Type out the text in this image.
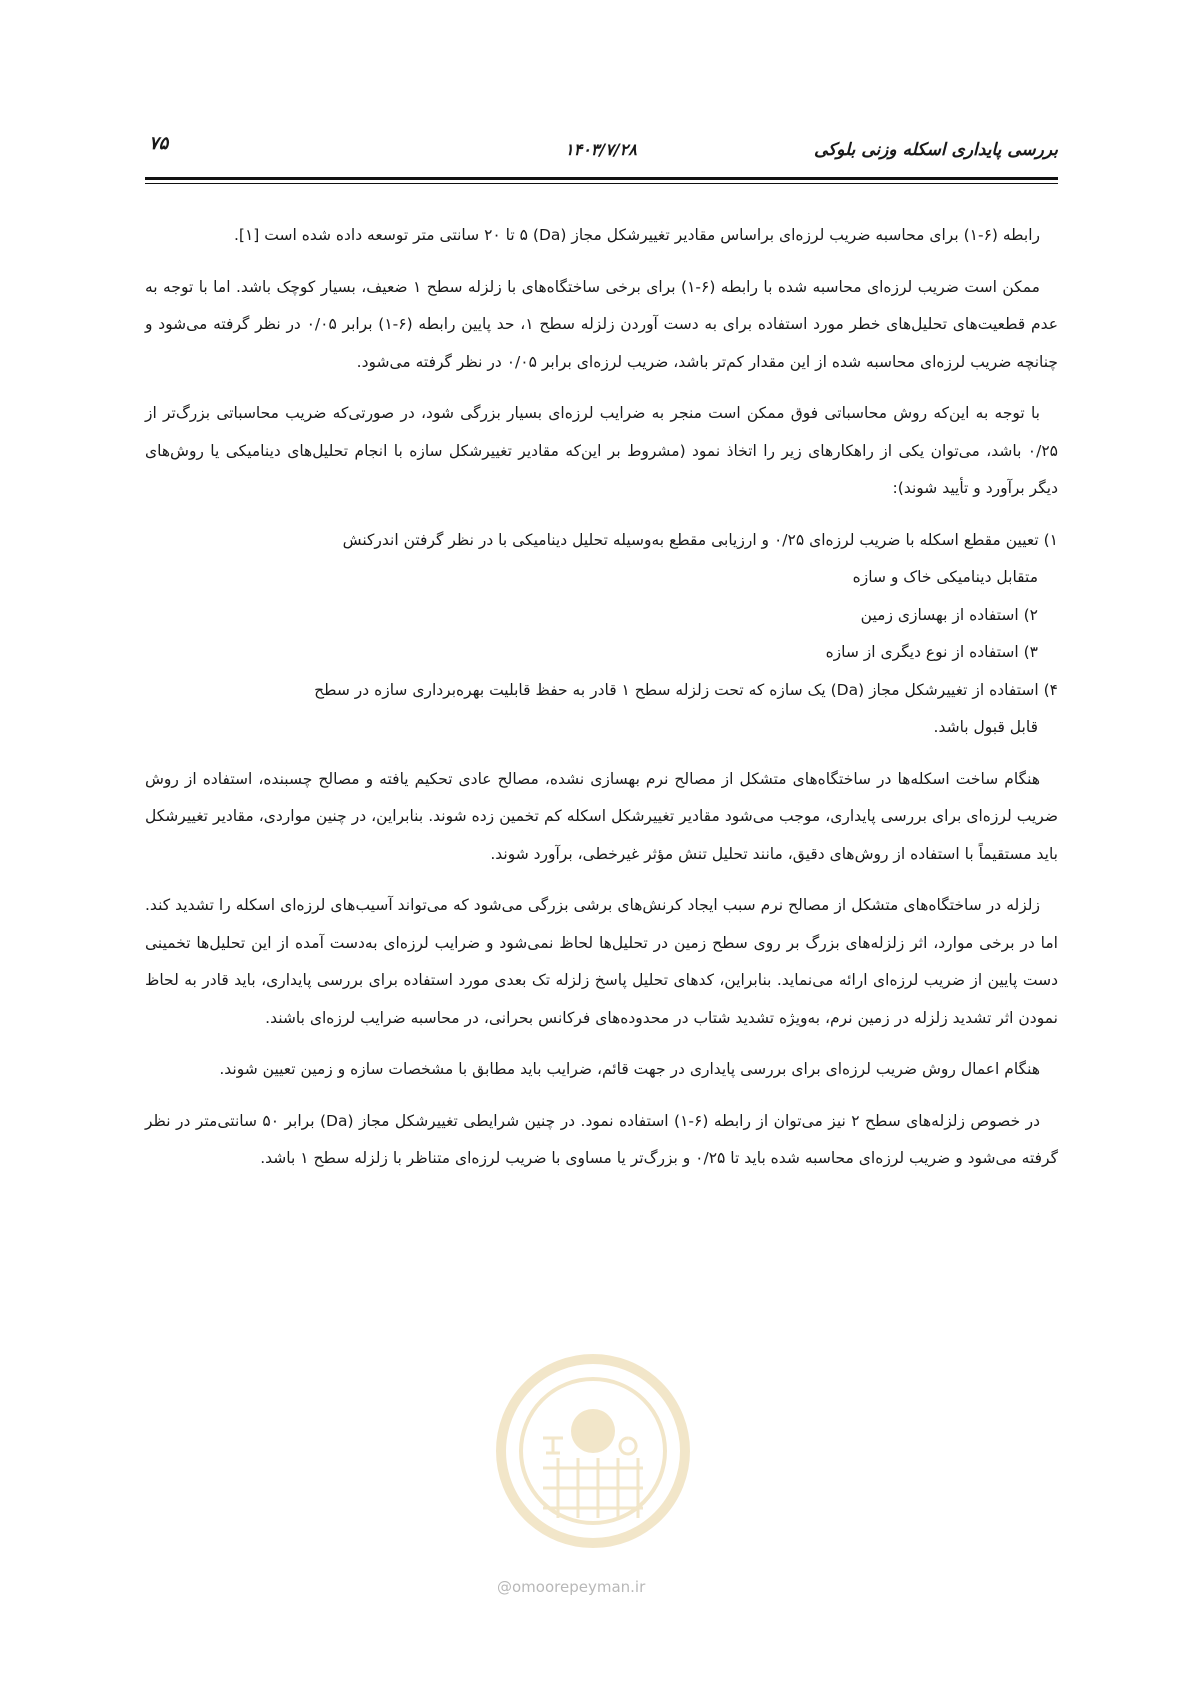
بررسی پایداری اسکله وزنی بلوکی
۱۴۰۳/۷/۲۸
۷۵

رابطه (۶-۱) برای محاسبه ضریب لرزه‌ای براساس مقادیر تغییرشکل مجاز (Da) ۵ تا ۲۰ سانتی متر توسعه داده شده است [۱].

ممکن است ضریب لرزه‌ای محاسبه شده با رابطه (۶-۱) برای برخی ساختگاه‌های با زلزله سطح ۱ ضعیف، بسیار کوچک باشد. اما با توجه به عدم قطعیت‌های تحلیل‌های خطر مورد استفاده برای به دست آوردن زلزله سطح ۱، حد پایین رابطه (۶-۱) برابر ۰/۰۵ در نظر گرفته می‌شود و چنانچه ضریب لرزه‌ای محاسبه شده از این مقدار کم‌تر باشد، ضریب لرزه‌ای برابر ۰/۰۵ در نظر گرفته می‌شود.

با توجه به این‌که روش محاسباتی فوق ممکن است منجر به ضرایب لرزه‌ای بسیار بزرگی شود، در صورتی‌که ضریب محاسباتی بزرگ‌تر از ۰/۲۵ باشد، می‌توان یکی از راهکارهای زیر را اتخاذ نمود (مشروط بر این‌که مقادیر تغییرشکل سازه با انجام تحلیل‌های دینامیکی یا روش‌های دیگر برآورد و تأیید شوند):

۱) تعیین مقطع اسکله با ضریب لرزه‌ای ۰/۲۵ و ارزیابی مقطع به‌وسیله تحلیل دینامیکی با در نظر گرفتن اندرکنش

متقابل دینامیکی خاک و سازه

۲) استفاده از بهسازی زمین

۳) استفاده از نوع دیگری از سازه

۴) استفاده از تغییرشکل مجاز (Da) یک سازه که تحت زلزله سطح ۱ قادر به حفظ قابلیت بهره‌برداری سازه در سطح

قابل قبول باشد.

هنگام ساخت اسکله‌ها در ساختگاه‌های متشکل از مصالح نرم بهسازی نشده، مصالح عادی تحکیم یافته و مصالح چسبنده، استفاده از روش ضریب لرزه‌ای برای بررسی پایداری، موجب می‌شود مقادیر تغییرشکل اسکله کم تخمین زده شوند. بنابراین، در چنین مواردی، مقادیر تغییرشکل باید مستقیماً با استفاده از روش‌های دقیق، مانند تحلیل تنش مؤثر غیرخطی، برآورد شوند.

زلزله در ساختگاه‌های متشکل از مصالح نرم سبب ایجاد کرنش‌های برشی بزرگی می‌شود که می‌تواند آسیب‌های لرزه‌ای اسکله را تشدید کند. اما در برخی موارد، اثر زلزله‌های بزرگ بر روی سطح زمین در تحلیل‌ها لحاظ نمی‌شود و ضرایب لرزه‌ای به‌دست آمده از این تحلیل‌ها تخمینی دست پایین از ضریب لرزه‌ای ارائه می‌نماید. بنابراین، کدهای تحلیل پاسخ زلزله تک بعدی مورد استفاده برای بررسی پایداری، باید قادر به لحاظ نمودن اثر تشدید زلزله در زمین نرم، به‌ویژه تشدید شتاب در محدوده‌های فرکانس بحرانی، در محاسبه ضرایب لرزه‌ای باشند.

هنگام اعمال روش ضریب لرزه‌ای برای بررسی پایداری در جهت قائم، ضرایب باید مطابق با مشخصات سازه و زمین تعیین شوند.

در خصوص زلزله‌های سطح ۲ نیز می‌توان از رابطه (۶-۱) استفاده نمود. در چنین شرایطی تغییرشکل مجاز (Da) برابر ۵۰ سانتی‌متر در نظر گرفته می‌شود و ضریب لرزه‌ای محاسبه شده باید تا ۰/۲۵ و بزرگ‌تر یا مساوی با ضریب لرزه‌ای متناظر با زلزله سطح ۱ باشد.

@omoorepeyman.ir
